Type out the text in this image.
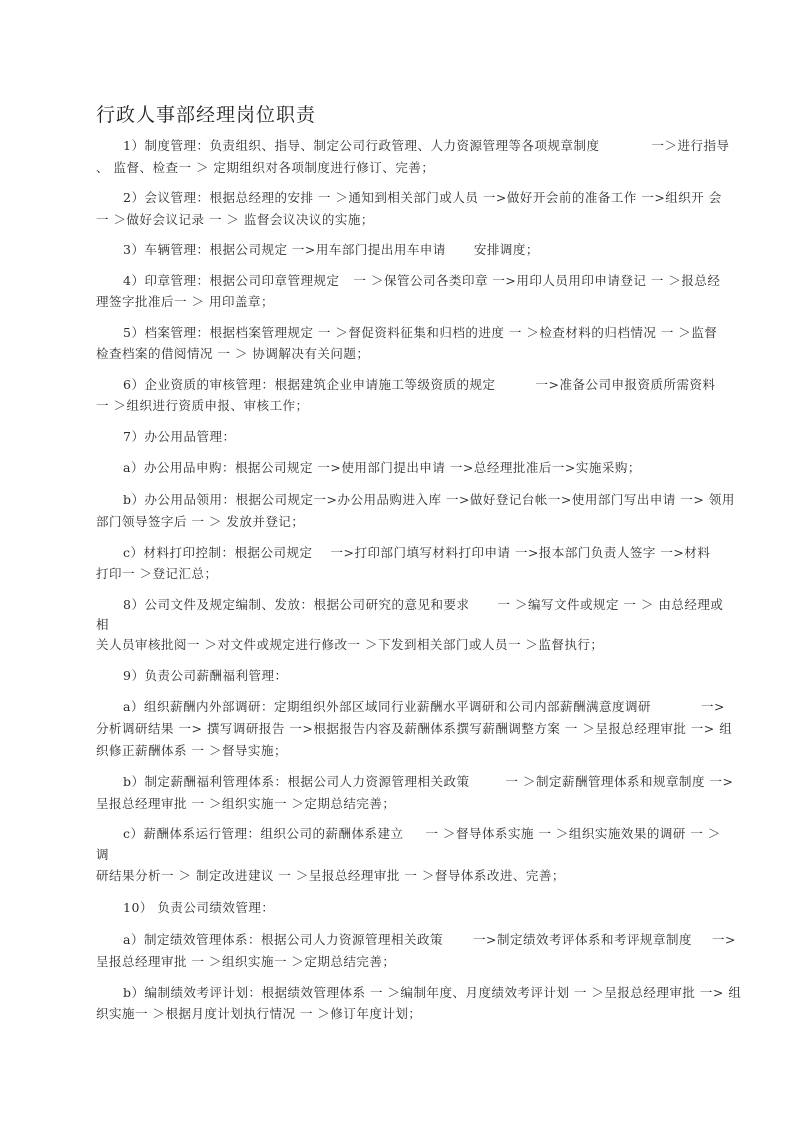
行政人事部经理岗位职责
1）制度管理：负责组织、指导、制定公司行政管理、人力资源管理等各项规章制度	一＞进行指导
、 监督、检查一 ＞ 定期组织对各项制度进行修订、完善；
2）会议管理：根据总经理的安排 一 ＞通知到相关部门或人员 一>做好开会前的准备工作 一>组织开 会
一 ＞做好会议记录 一 ＞ 监督会议决议的实施；
3）车辆管理：根据公司规定 一>用车部门提出用车申请 安排调度；
4）印章管理：根据公司印章管理规定 一 ＞保管公司各类印章 一>用印人员用印申请登记 一 ＞报总经
理签字批准后一 ＞ 用印盖章；
5）档案管理：根据档案管理规定 一 ＞督促资料征集和归档的进度 一 ＞检查材料的归档情况 一 ＞监督
检查档案的借阅情况 一 ＞ 协调解决有关问题；
6）企业资质的审核管理：根据建筑企业申请施工等级资质的规定	一>准备公司申报资质所需资料
一 ＞组织进行资质申报、审核工作；
7）办公用品管理：
a）办公用品申购：根据公司规定 一>使用部门提出申请 一>总经理批准后一>实施采购；
b）办公用品领用：根据公司规定一>办公用品购进入库 一>做好登记台帐一>使用部门写出申请 一> 领用
部门领导签字后 一 ＞ 发放并登记；
c）材料打印控制：根据公司规定 一>打印部门填写材料打印申请 一>报本部门负责人签字 一>材料
打印一 ＞登记汇总；
8）公司文件及规定编制、发放：根据公司研究的意见和要求 一 ＞编写文件或规定 一 ＞ 由总经理或
相
关人员审核批阅一 ＞对文件或规定进行修改一 ＞下发到相关部门或人员一 ＞监督执行；
9）负责公司薪酬福利管理：
a）组织薪酬内外部调研：定期组织外部区域同行业薪酬水平调研和公司内部薪酬满意度调研	一>
分析调研结果 一> 撰写调研报告 一>根据报告内容及薪酬体系撰写薪酬调整方案 一 ＞呈报总经理审批 一> 组
织修正薪酬体系 一 ＞督导实施；
b）制定薪酬福利管理体系：根据公司人力资源管理相关政策	一 ＞制定薪酬管理体系和规章制度 一>
呈报总经理审批 一 ＞组织实施一 ＞定期总结完善；
c）薪酬体系运行管理：组织公司的薪酬体系建立 一 ＞督导体系实施 一 ＞组织实施效果的调研 一 ＞
调
研结果分析一 ＞ 制定改进建议 一 ＞呈报总经理审批 一 ＞督导体系改进、完善；
10） 负责公司绩效管理：
a）制定绩效管理体系：根据公司人力资源管理相关政策 一>制定绩效考评体系和考评规章制度 一>
呈报总经理审批 一 ＞组织实施一 ＞定期总结完善；
b）编制绩效考评计划：根据绩效管理体系 一 ＞编制年度、月度绩效考评计划 一 ＞呈报总经理审批 一> 组
织实施一 ＞根据月度计划执行情况 一 ＞修订年度计划；
